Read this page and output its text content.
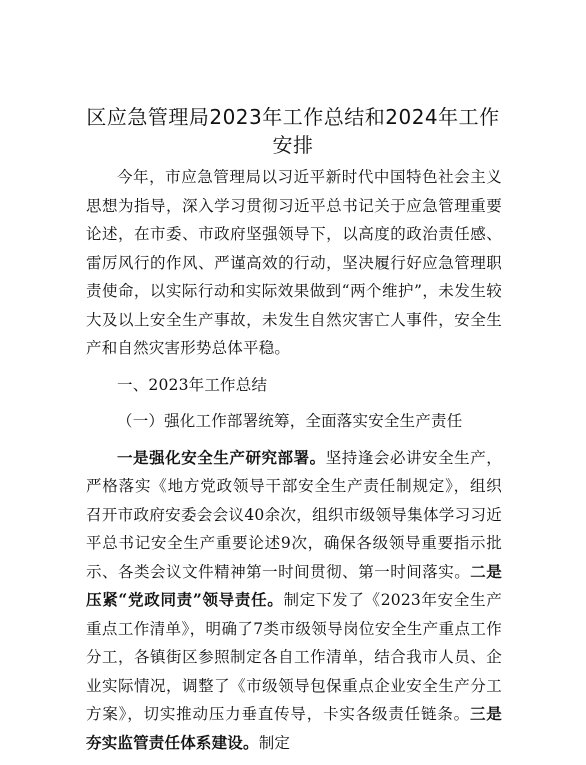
区应急管理局2023年工作总结和2024年工作安排

今年，市应急管理局以习近平新时代中国特色社会主义思想为指导，深入学习贯彻习近平总书记关于应急管理重要论述，在市委、市政府坚强领导下，以高度的政治责任感、雷厉风行的作风、严谨高效的行动，坚决履行好应急管理职责使命，以实际行动和实际效果做到“两个维护”，未发生较大及以上安全生产事故，未发生自然灾害亡人事件，安全生产和自然灾害形势总体平稳。

一、2023年工作总结

（一）强化工作部署统筹，全面落实安全生产责任

一是强化安全生产研究部署。坚持逢会必讲安全生产，严格落实《地方党政领导干部安全生产责任制规定》，组织召开市政府安委会会议40余次，组织市级领导集体学习习近平总书记安全生产重要论述9次，确保各级领导重要指示批示、各类会议文件精神第一时间贯彻、第一时间落实。二是压紧“党政同责”领导责任。制定下发了《2023年安全生产重点工作清单》，明确了7类市级领导岗位安全生产重点工作分工，各镇街区参照制定各自工作清单，结合我市人员、企业实际情况，调整了《市级领导包保重点企业安全生产分工方案》，切实推动压力垂直传导，卡实各级责任链条。三是夯实监管责任体系建设。制定
